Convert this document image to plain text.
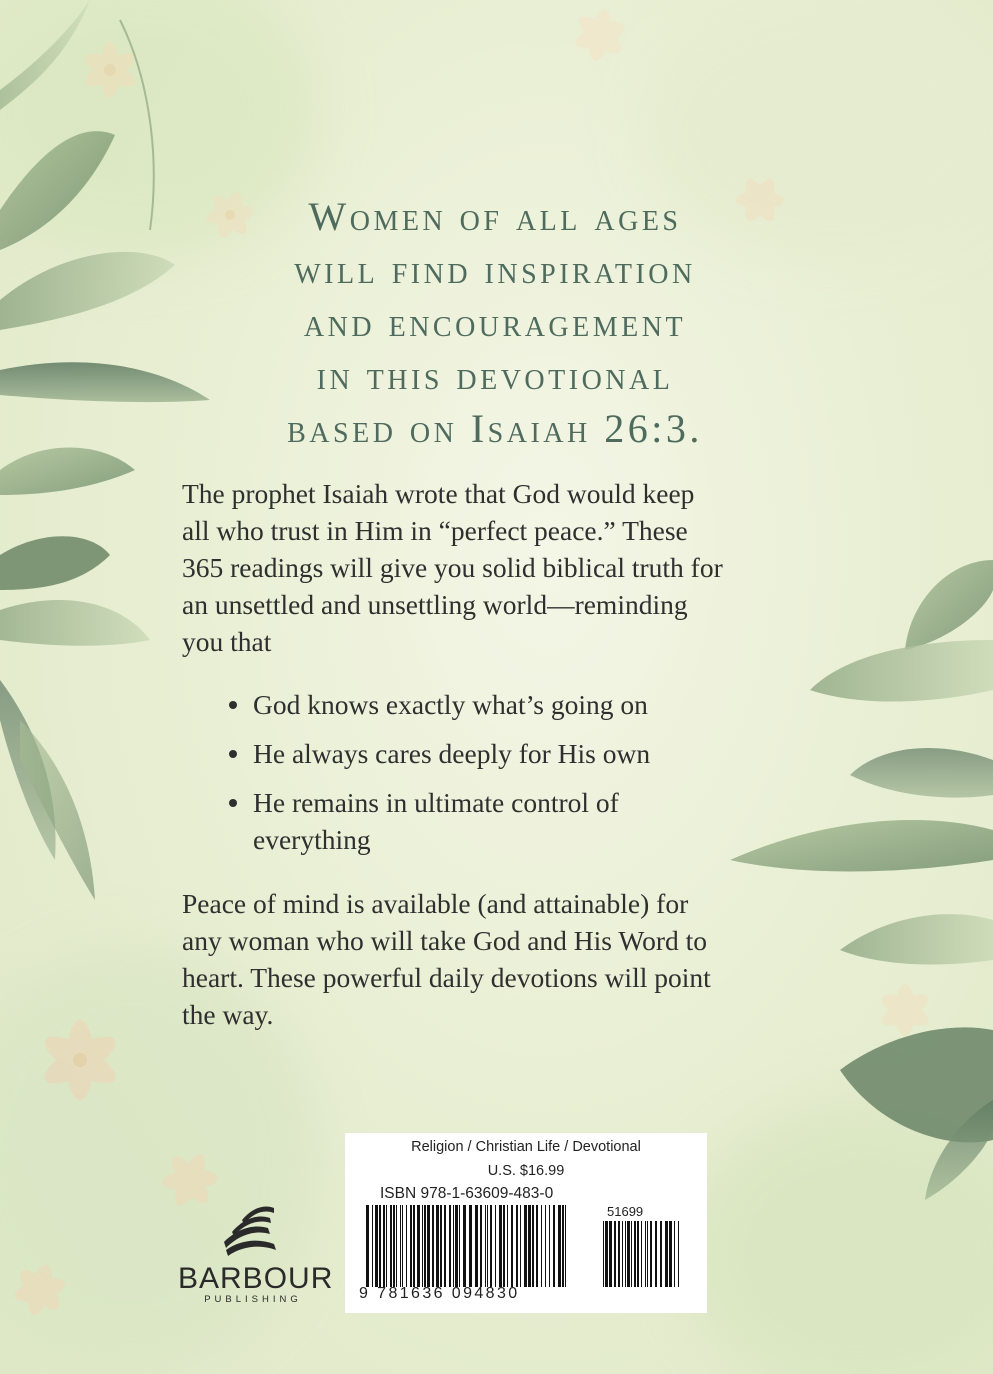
Women of all ages
will find inspiration
and encouragement
in this devotional
based on Isaiah 26:3.
The prophet Isaiah wrote that God would keep
all who trust in Him in “perfect peace.” These
365 readings will give you solid biblical truth for
an unsettled and unsettling world—reminding
you that
God knows exactly what’s going on
He always cares deeply for His own
He remains in ultimate control of
everything
Peace of mind is available (and attainable) for
any woman who will take God and His Word to
heart. These powerful daily devotions will point
the way.
BARBOUR
PUBLISHING
Religion / Christian Life / Devotional
U.S. $16.99
ISBN 978-1-63609-483-0
51699
9 781636 094830
